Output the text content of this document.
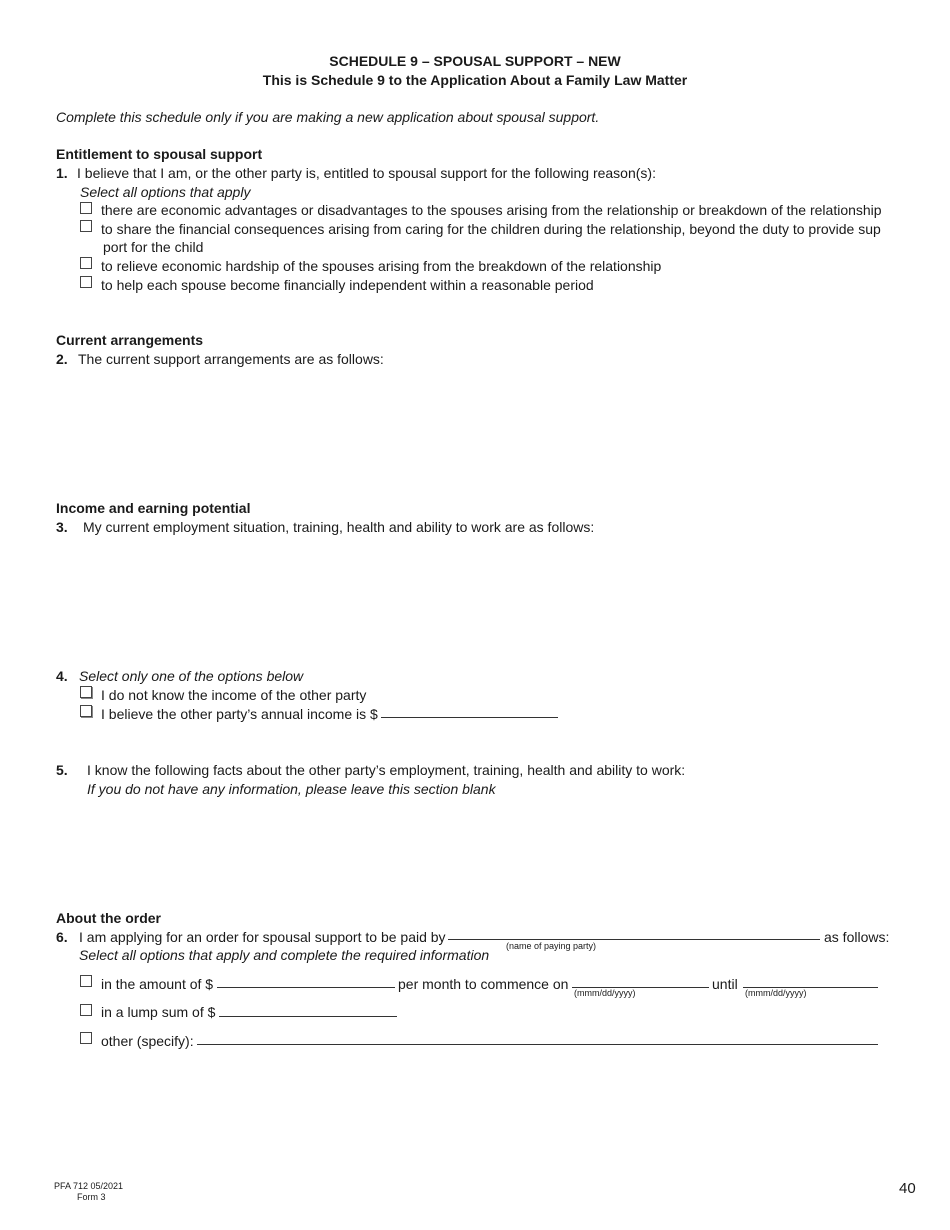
SCHEDULE 9 – SPOUSAL SUPPORT – NEW
This is Schedule 9 to the Application About a Family Law Matter
Complete this schedule only if you are making a new application about spousal support.
Entitlement to spousal support
1. I believe that I am, or the other party is, entitled to spousal support for the following reason(s):
Select all options that apply
there are economic advantages or disadvantages to the spouses arising from the relationship or breakdown of the relationship
to share the financial consequences arising from caring for the children during the relationship, beyond the duty to provide sup
port for the child
to relieve economic hardship of the spouses arising from the breakdown of the relationship
to help each spouse become financially independent within a reasonable period
Current arrangements
2. The current support arrangements are as follows:
Income and earning potential
3. My current employment situation, training, health and ability to work are as follows:
4. Select only one of the options below
I do not know the income of the other party
I believe the other party’s annual income is $
5. I know the following facts about the other party’s employment, training, health and ability to work:
If you do not have any information, please leave this section blank
About the order
6. I am applying for an order for spousal support to be paid by	as follows:
(name of paying party)
Select all options that apply and complete the required information
in the amount of $	per month to commence on
(mmm/dd/yyyy)
until
(mmm/dd/yyyy)
in a lump sum of $
other (specify):
PFA 712 05/2021
Form 3	40
